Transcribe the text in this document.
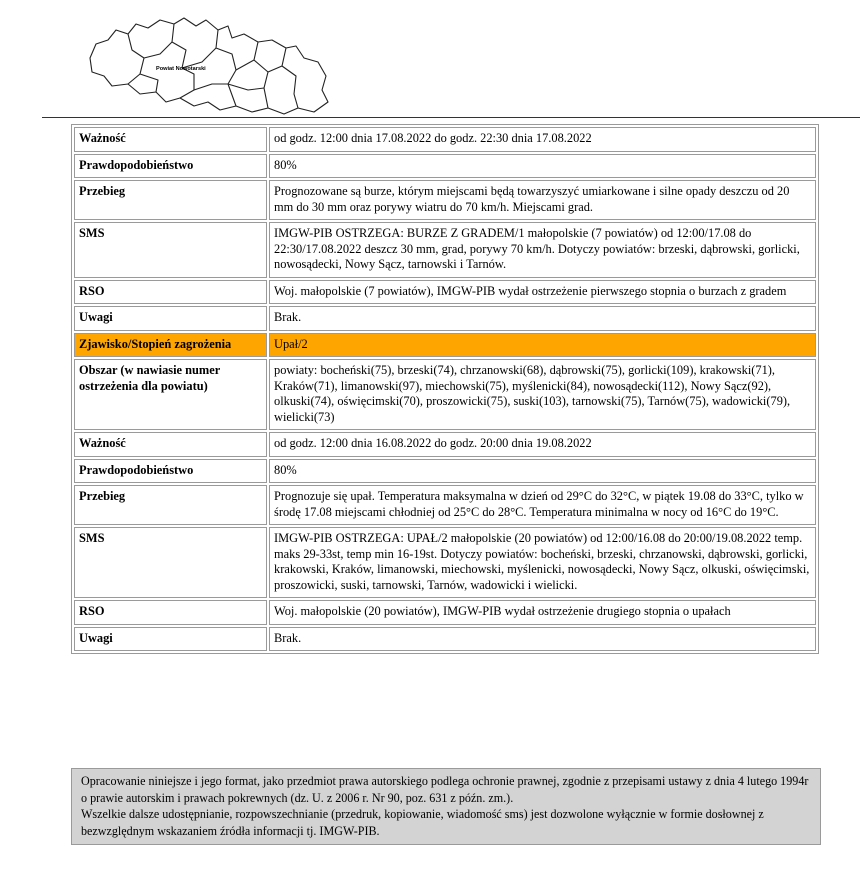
Powiat Nowotarski
Ważność	od godz. 12:00 dnia 17.08.2022 do godz. 22:30 dnia 17.08.2022
Prawdopodobieństwo	80%
Przebieg	Prognozowane są burze, którym miejscami będą towarzyszyć umiarkowane i silne opady deszczu od 20 mm do 30 mm oraz porywy wiatru do 70 km/h. Miejscami grad.
SMS	IMGW-PIB OSTRZEGA: BURZE Z GRADEM/1 małopolskie (7 powiatów) od 12:00/17.08 do 22:30/17.08.2022 deszcz 30 mm, grad, porywy 70 km/h. Dotyczy powiatów: brzeski, dąbrowski, gorlicki, nowosądecki, Nowy Sącz, tarnowski i Tarnów.
RSO	Woj. małopolskie (7 powiatów), IMGW-PIB wydał ostrzeżenie pierwszego stopnia o burzach z gradem
Uwagi	Brak.
Zjawisko/Stopień zagrożenia	Upał/2
Obszar (w nawiasie numer ostrzeżenia dla powiatu)	powiaty: bocheński(75), brzeski(74), chrzanowski(68), dąbrowski(75), gorlicki(109), krakowski(71), Kraków(71), limanowski(97), miechowski(75), myślenicki(84), nowosądecki(112), Nowy Sącz(92), olkuski(74), oświęcimski(70), proszowicki(75), suski(103), tarnowski(75), Tarnów(75), wadowicki(79), wielicki(73)
Ważność	od godz. 12:00 dnia 16.08.2022 do godz. 20:00 dnia 19.08.2022
Prawdopodobieństwo	80%
Przebieg	Prognozuje się upał. Temperatura maksymalna w dzień od 29°C do 32°C, w piątek 19.08 do 33°C, tylko w środę 17.08 miejscami chłodniej od 25°C do 28°C. Temperatura minimalna w nocy od 16°C do 19°C.
SMS	IMGW-PIB OSTRZEGA: UPAŁ/2 małopolskie (20 powiatów) od 12:00/16.08 do 20:00/19.08.2022 temp. maks 29-33st, temp min 16-19st. Dotyczy powiatów: bocheński, brzeski, chrzanowski, dąbrowski, gorlicki, krakowski, Kraków, limanowski, miechowski, myślenicki, nowosądecki, Nowy Sącz, olkuski, oświęcimski, proszowicki, suski, tarnowski, Tarnów, wadowicki i wielicki.
RSO	Woj. małopolskie (20 powiatów), IMGW-PIB wydał ostrzeżenie drugiego stopnia o upałach
Uwagi	Brak.

Opracowanie niniejsze i jego format, jako przedmiot prawa autorskiego podlega ochronie prawnej, zgodnie z przepisami ustawy z dnia 4 lutego 1994r o prawie autorskim i prawach pokrewnych (dz. U. z 2006 r. Nr 90, poz. 631 z późn. zm.).

Wszelkie dalsze udostępnianie, rozpowszechnianie (przedruk, kopiowanie, wiadomość sms) jest dozwolone wyłącznie w formie dosłownej z bezwzględnym wskazaniem źródła informacji tj. IMGW-PIB.
